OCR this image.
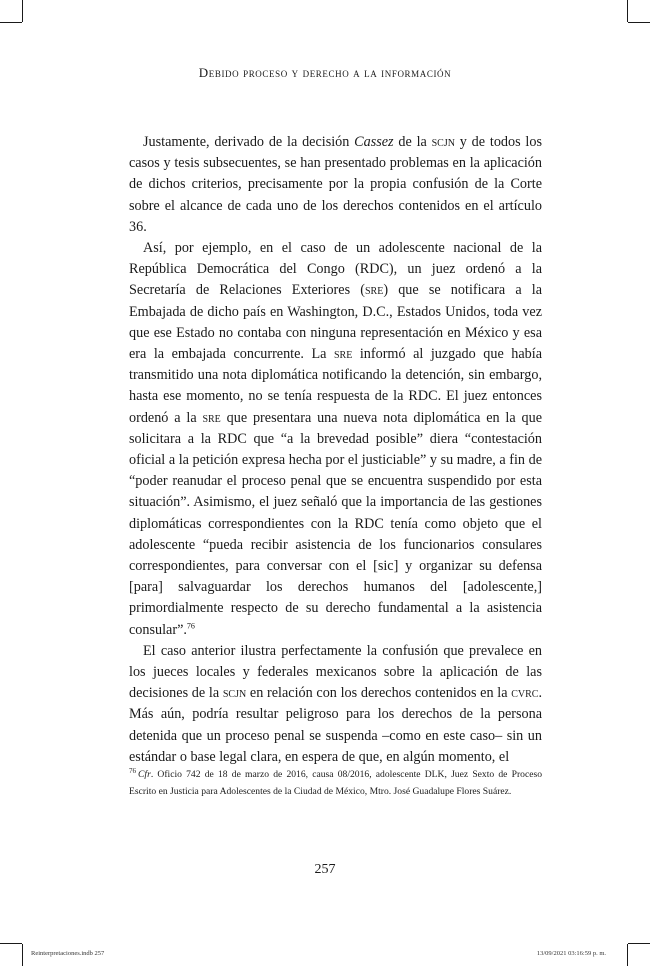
Debido proceso y derecho a la información

Justamente, derivado de la decisión Cassez de la scjn y de todos los casos y tesis subsecuentes, se han presentado problemas en la aplicación de dichos criterios, precisamente por la propia confusión de la Corte sobre el alcance de cada uno de los derechos contenidos en el artículo 36.

Así, por ejemplo, en el caso de un adolescente nacional de la República Democrática del Congo (RDC), un juez ordenó a la Secretaría de Relaciones Exteriores (sre) que se notificara a la Embajada de dicho país en Washington, D.C., Estados Unidos, toda vez que ese Estado no contaba con ninguna representación en México y esa era la embajada concurrente. La sre informó al juzgado que había transmitido una nota diplomática notificando la detención, sin embargo, hasta ese momento, no se tenía respuesta de la RDC. El juez entonces ordenó a la sre que presentara una nueva nota diplomática en la que solicitara a la RDC que “a la brevedad posible” diera “contestación oficial a la petición expresa hecha por el justiciable” y su madre, a fin de “poder reanudar el proceso penal que se encuentra suspendido por esta situación”. Asimismo, el juez señaló que la importancia de las gestiones diplomáticas correspondientes con la RDC tenía como objeto que el adolescente “pueda recibir asistencia de los funcionarios consulares correspondientes, para conversar con el [sic] y organizar su defensa [para] salvaguardar los derechos humanos del [adolescente,] primordialmente respecto de su derecho fundamental a la asistencia consular”.$^{76}$

El caso anterior ilustra perfectamente la confusión que prevalece en los jueces locales y federales mexicanos sobre la aplicación de las decisiones de la scjn en relación con los derechos contenidos en la cvrc. Más aún, podría resultar peligroso para los derechos de la persona detenida que un proceso penal se suspenda –como en este caso– sin un estándar o base legal clara, en espera de que, en algún momento, el

$^{76}$ Cfr. Oficio 742 de 18 de marzo de 2016, causa 08/2016, adolescente DLK, Juez Sexto de Proceso Escrito en Justicia para Adolescentes de la Ciudad de México, Mtro. José Guadalupe Flores Suárez.
257
Reinterpretaciones.indb 257	13/09/2021 03:16:59 p. m.
